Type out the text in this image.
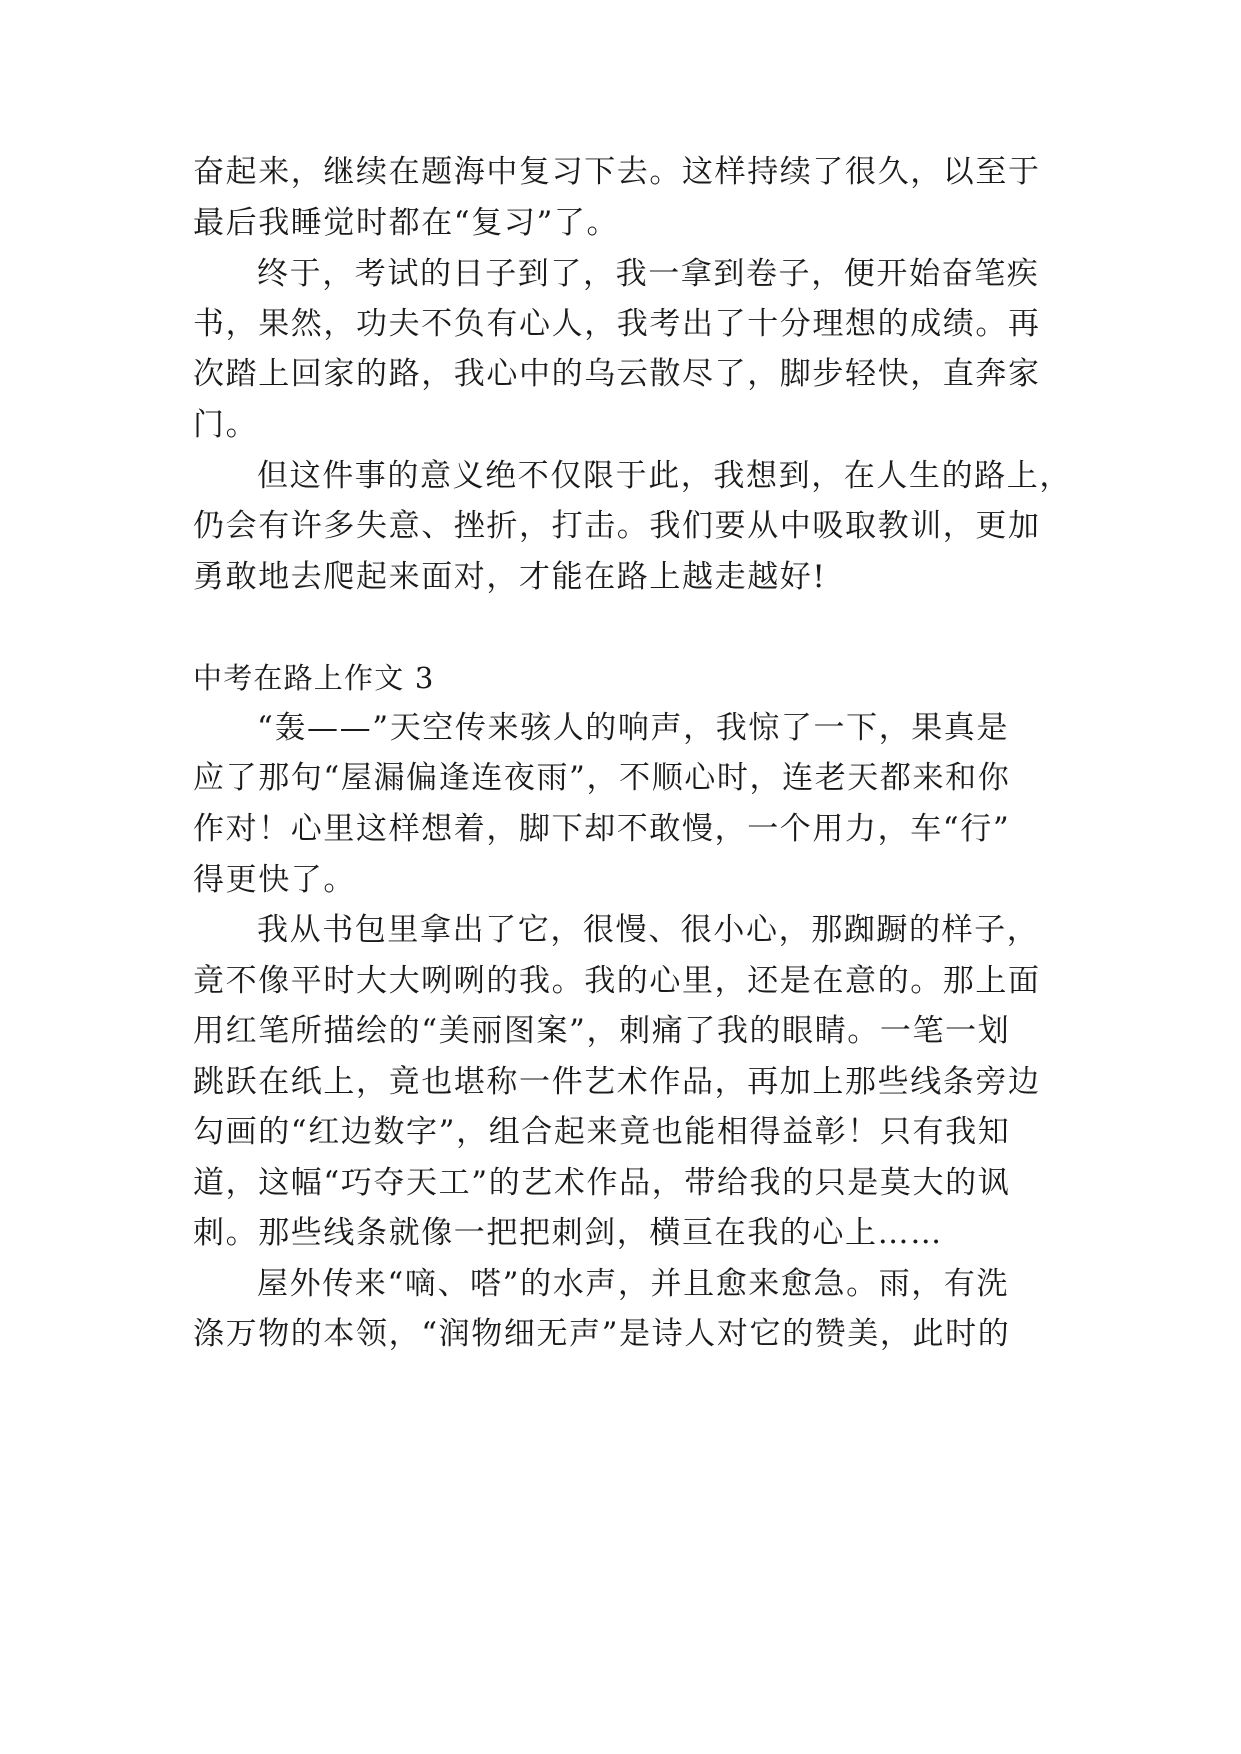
奋起来，继续在题海中复习下去。这样持续了很久，以至于
最后我睡觉时都在“复习”了。
终于，考试的日子到了，我一拿到卷子，便开始奋笔疾
书，果然，功夫不负有心人，我考出了十分理想的成绩。再
次踏上回家的路，我心中的乌云散尽了，脚步轻快，直奔家
门。
但这件事的意义绝不仅限于此，我想到，在人生的路上，
仍会有许多失意、挫折，打击。我们要从中吸取教训，更加
勇敢地去爬起来面对，才能在路上越走越好!
中考在路上作文 3
“轰——”天空传来骇人的响声，我惊了一下，果真是
应了那句“屋漏偏逢连夜雨”，不顺心时，连老天都来和你
作对！心里这样想着，脚下却不敢慢，一个用力，车“行”
得更快了。
我从书包里拿出了它，很慢、很小心，那踟蹰的样子，
竟不像平时大大咧咧的我。我的心里，还是在意的。那上面
用红笔所描绘的“美丽图案”，刺痛了我的眼睛。一笔一划
跳跃在纸上，竟也堪称一件艺术作品，再加上那些线条旁边
勾画的“红边数字”，组合起来竟也能相得益彰！只有我知
道，这幅“巧夺天工”的艺术作品，带给我的只是莫大的讽
刺。那些线条就像一把把刺剑，横亘在我的心上……
屋外传来“嘀、嗒”的水声，并且愈来愈急。雨，有洗
涤万物的本领，“润物细无声”是诗人对它的赞美，此时的
